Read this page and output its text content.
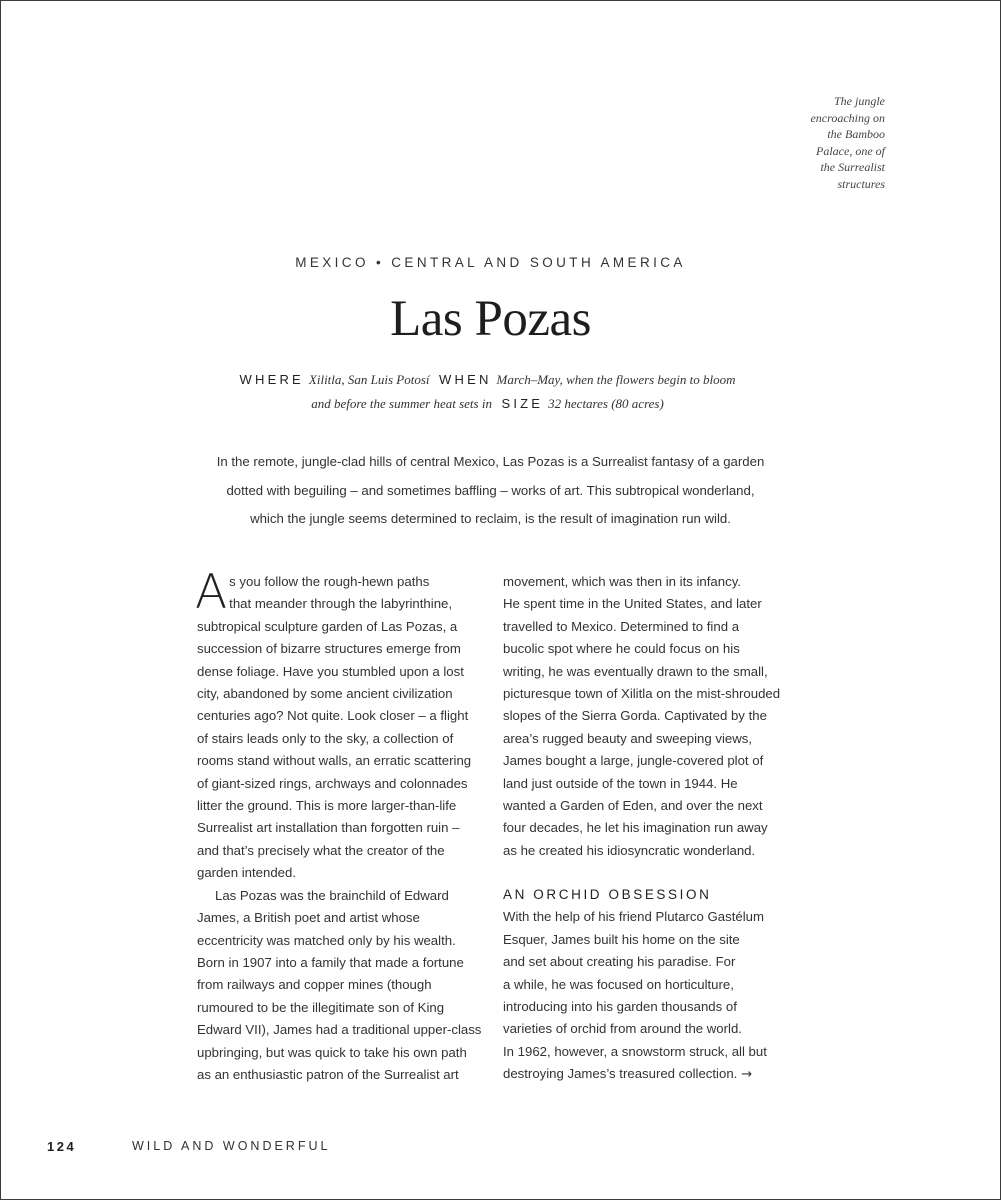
The jungle
encroaching on
the Bamboo
Palace, one of
the Surrealist
structures
MEXICO • CENTRAL AND SOUTH AMERICA
Las Pozas
WHERE Xilitla, San Luis Potosí WHEN March–May, when the flowers begin to bloom
and before the summer heat sets in SIZE 32 hectares (80 acres)
In the remote, jungle-clad hills of central Mexico, Las Pozas is a Surrealist fantasy of a garden dotted with beguiling – and sometimes baffling – works of art. This subtropical wonderland, which the jungle seems determined to reclaim, is the result of imagination run wild.

A s you follow the rough-hewn paths
that meander through the labyrinthine,
subtropical sculpture garden of Las Pozas, a
succession of bizarre structures emerge from
dense foliage. Have you stumbled upon a lost
city, abandoned by some ancient civilization
centuries ago? Not quite. Look closer – a flight
of stairs leads only to the sky, a collection of
rooms stand without walls, an erratic scattering
of giant-sized rings, archways and colonnades
litter the ground. This is more larger-than-life
Surrealist art installation than forgotten ruin –
and that’s precisely what the creator of the
garden intended.

Las Pozas was the brainchild of Edward
James, a British poet and artist whose
eccentricity was matched only by his wealth.
Born in 1907 into a family that made a fortune
from railways and copper mines (though
rumoured to be the illegitimate son of King
Edward VII), James had a traditional upper-class
upbringing, but was quick to take his own path
as an enthusiastic patron of the Surrealist art

movement, which was then in its infancy.
He spent time in the United States, and later
travelled to Mexico. Determined to find a
bucolic spot where he could focus on his
writing, he was eventually drawn to the small,
picturesque town of Xilitla on the mist-shrouded
slopes of the Sierra Gorda. Captivated by the
area’s rugged beauty and sweeping views,
James bought a large, jungle-covered plot of
land just outside of the town in 1944. He
wanted a Garden of Eden, and over the next
four decades, he let his imagination run away
as he created his idiosyncratic wonderland.

AN ORCHID OBSESSION

With the help of his friend Plutarco Gastélum
Esquer, James built his home on the site
and set about creating his paradise. For
a while, he was focused on horticulture,
introducing into his garden thousands of
varieties of orchid from around the world.
In 1962, however, a snowstorm struck, all but
destroying James’s treasured collection. →

124	WILD AND WONDERFUL
